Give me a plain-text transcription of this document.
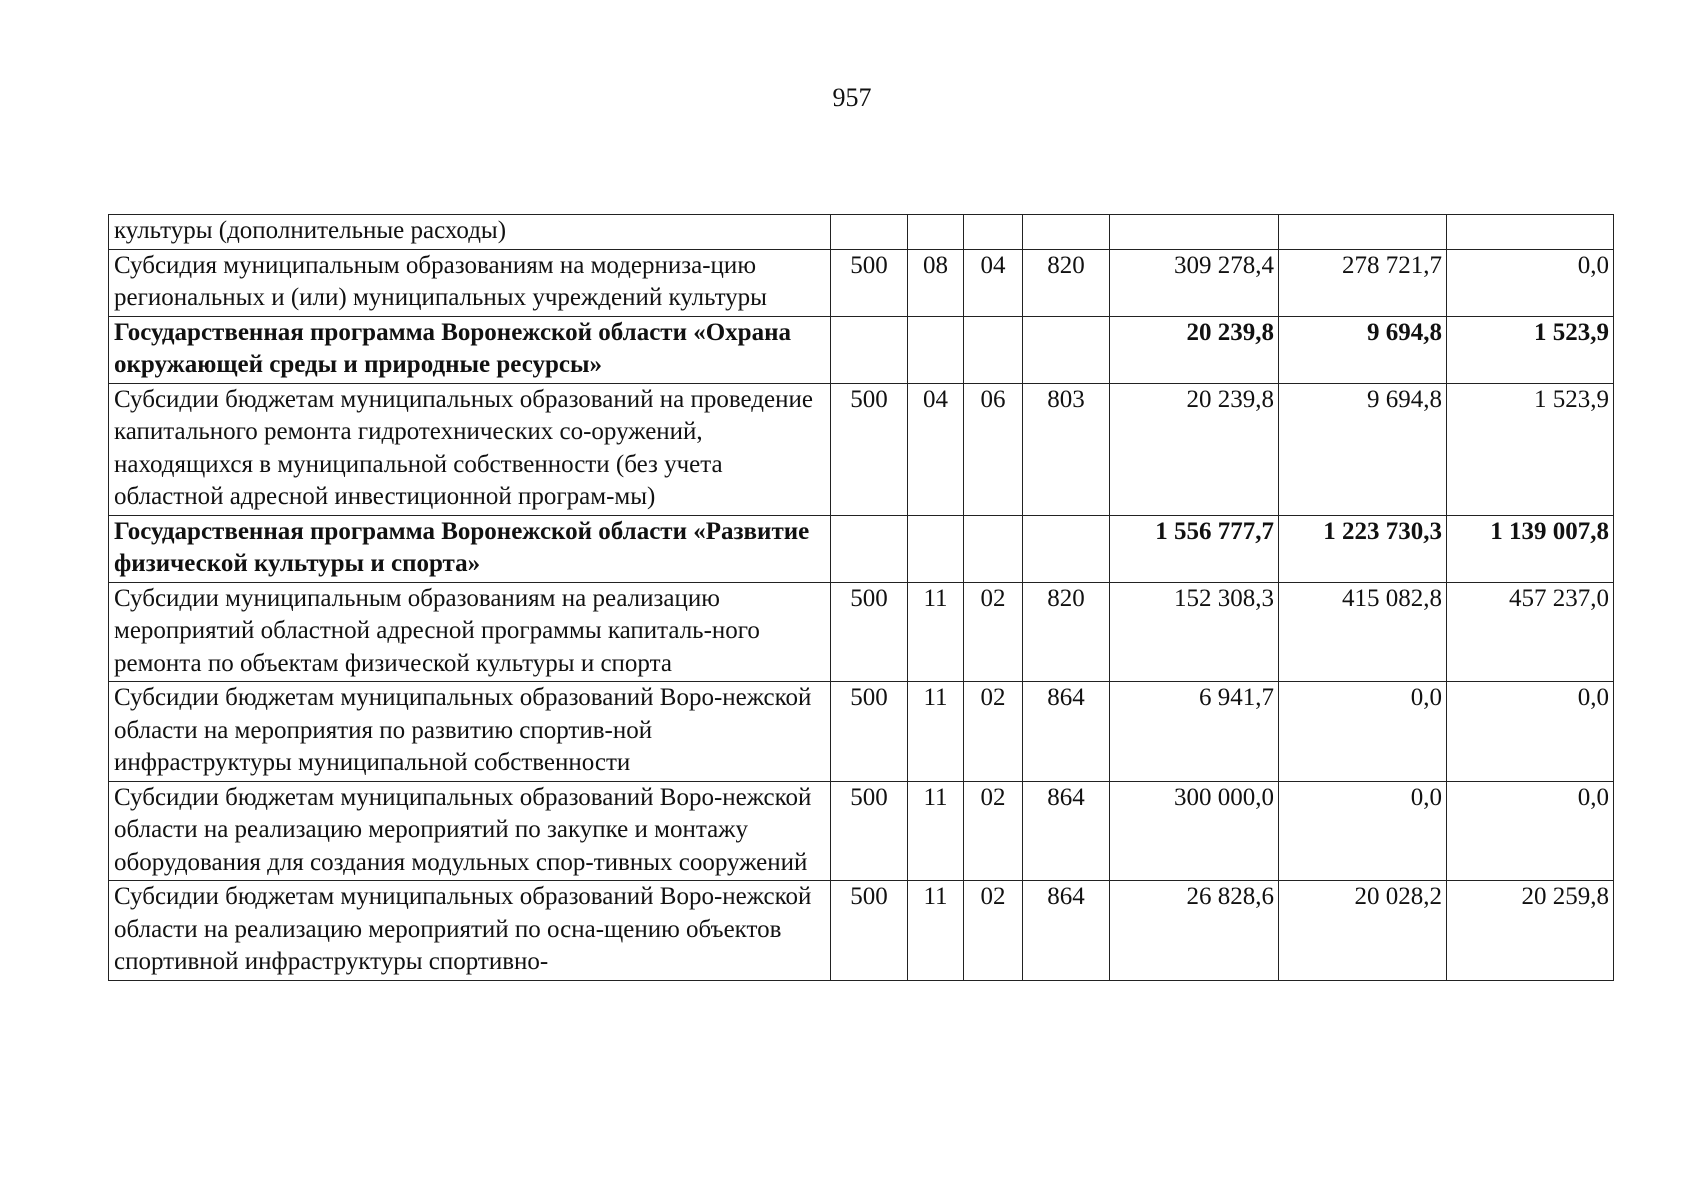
957
культуры (дополнительные расходы)							
Субсидия муниципальным образованиям на модерниза-цию региональных и (или) муниципальных учреждений культуры	500	08	04	820	309 278,4	278 721,7	0,0
Государственная программа Воронежской области «Охрана окружающей среды и природные ресурсы»					20 239,8	9 694,8	1 523,9
Субсидии бюджетам муниципальных образований на проведение капитального ремонта гидротехнических со-оружений, находящихся в муниципальной собственности (без учета областной адресной инвестиционной програм-мы)	500	04	06	803	20 239,8	9 694,8	1 523,9
Государственная программа Воронежской области «Развитие физической культуры и спорта»					1 556 777,7	1 223 730,3	1 139 007,8
Субсидии муниципальным образованиям на реализацию мероприятий областной адресной программы капиталь-ного ремонта по объектам физической культуры и спорта	500	11	02	820	152 308,3	415 082,8	457 237,0
Субсидии бюджетам муниципальных образований Воро-нежской области на мероприятия по развитию спортив-ной инфраструктуры муниципальной собственности	500	11	02	864	6 941,7	0,0	0,0
Субсидии бюджетам муниципальных образований Воро-нежской области на реализацию мероприятий по закупке и монтажу оборудования для создания модульных спор-тивных сооружений	500	11	02	864	300 000,0	0,0	0,0
Субсидии бюджетам муниципальных образований Воро-нежской области на реализацию мероприятий по осна-щению объектов спортивной инфраструктуры спортивно-	500	11	02	864	26 828,6	20 028,2	20 259,8
